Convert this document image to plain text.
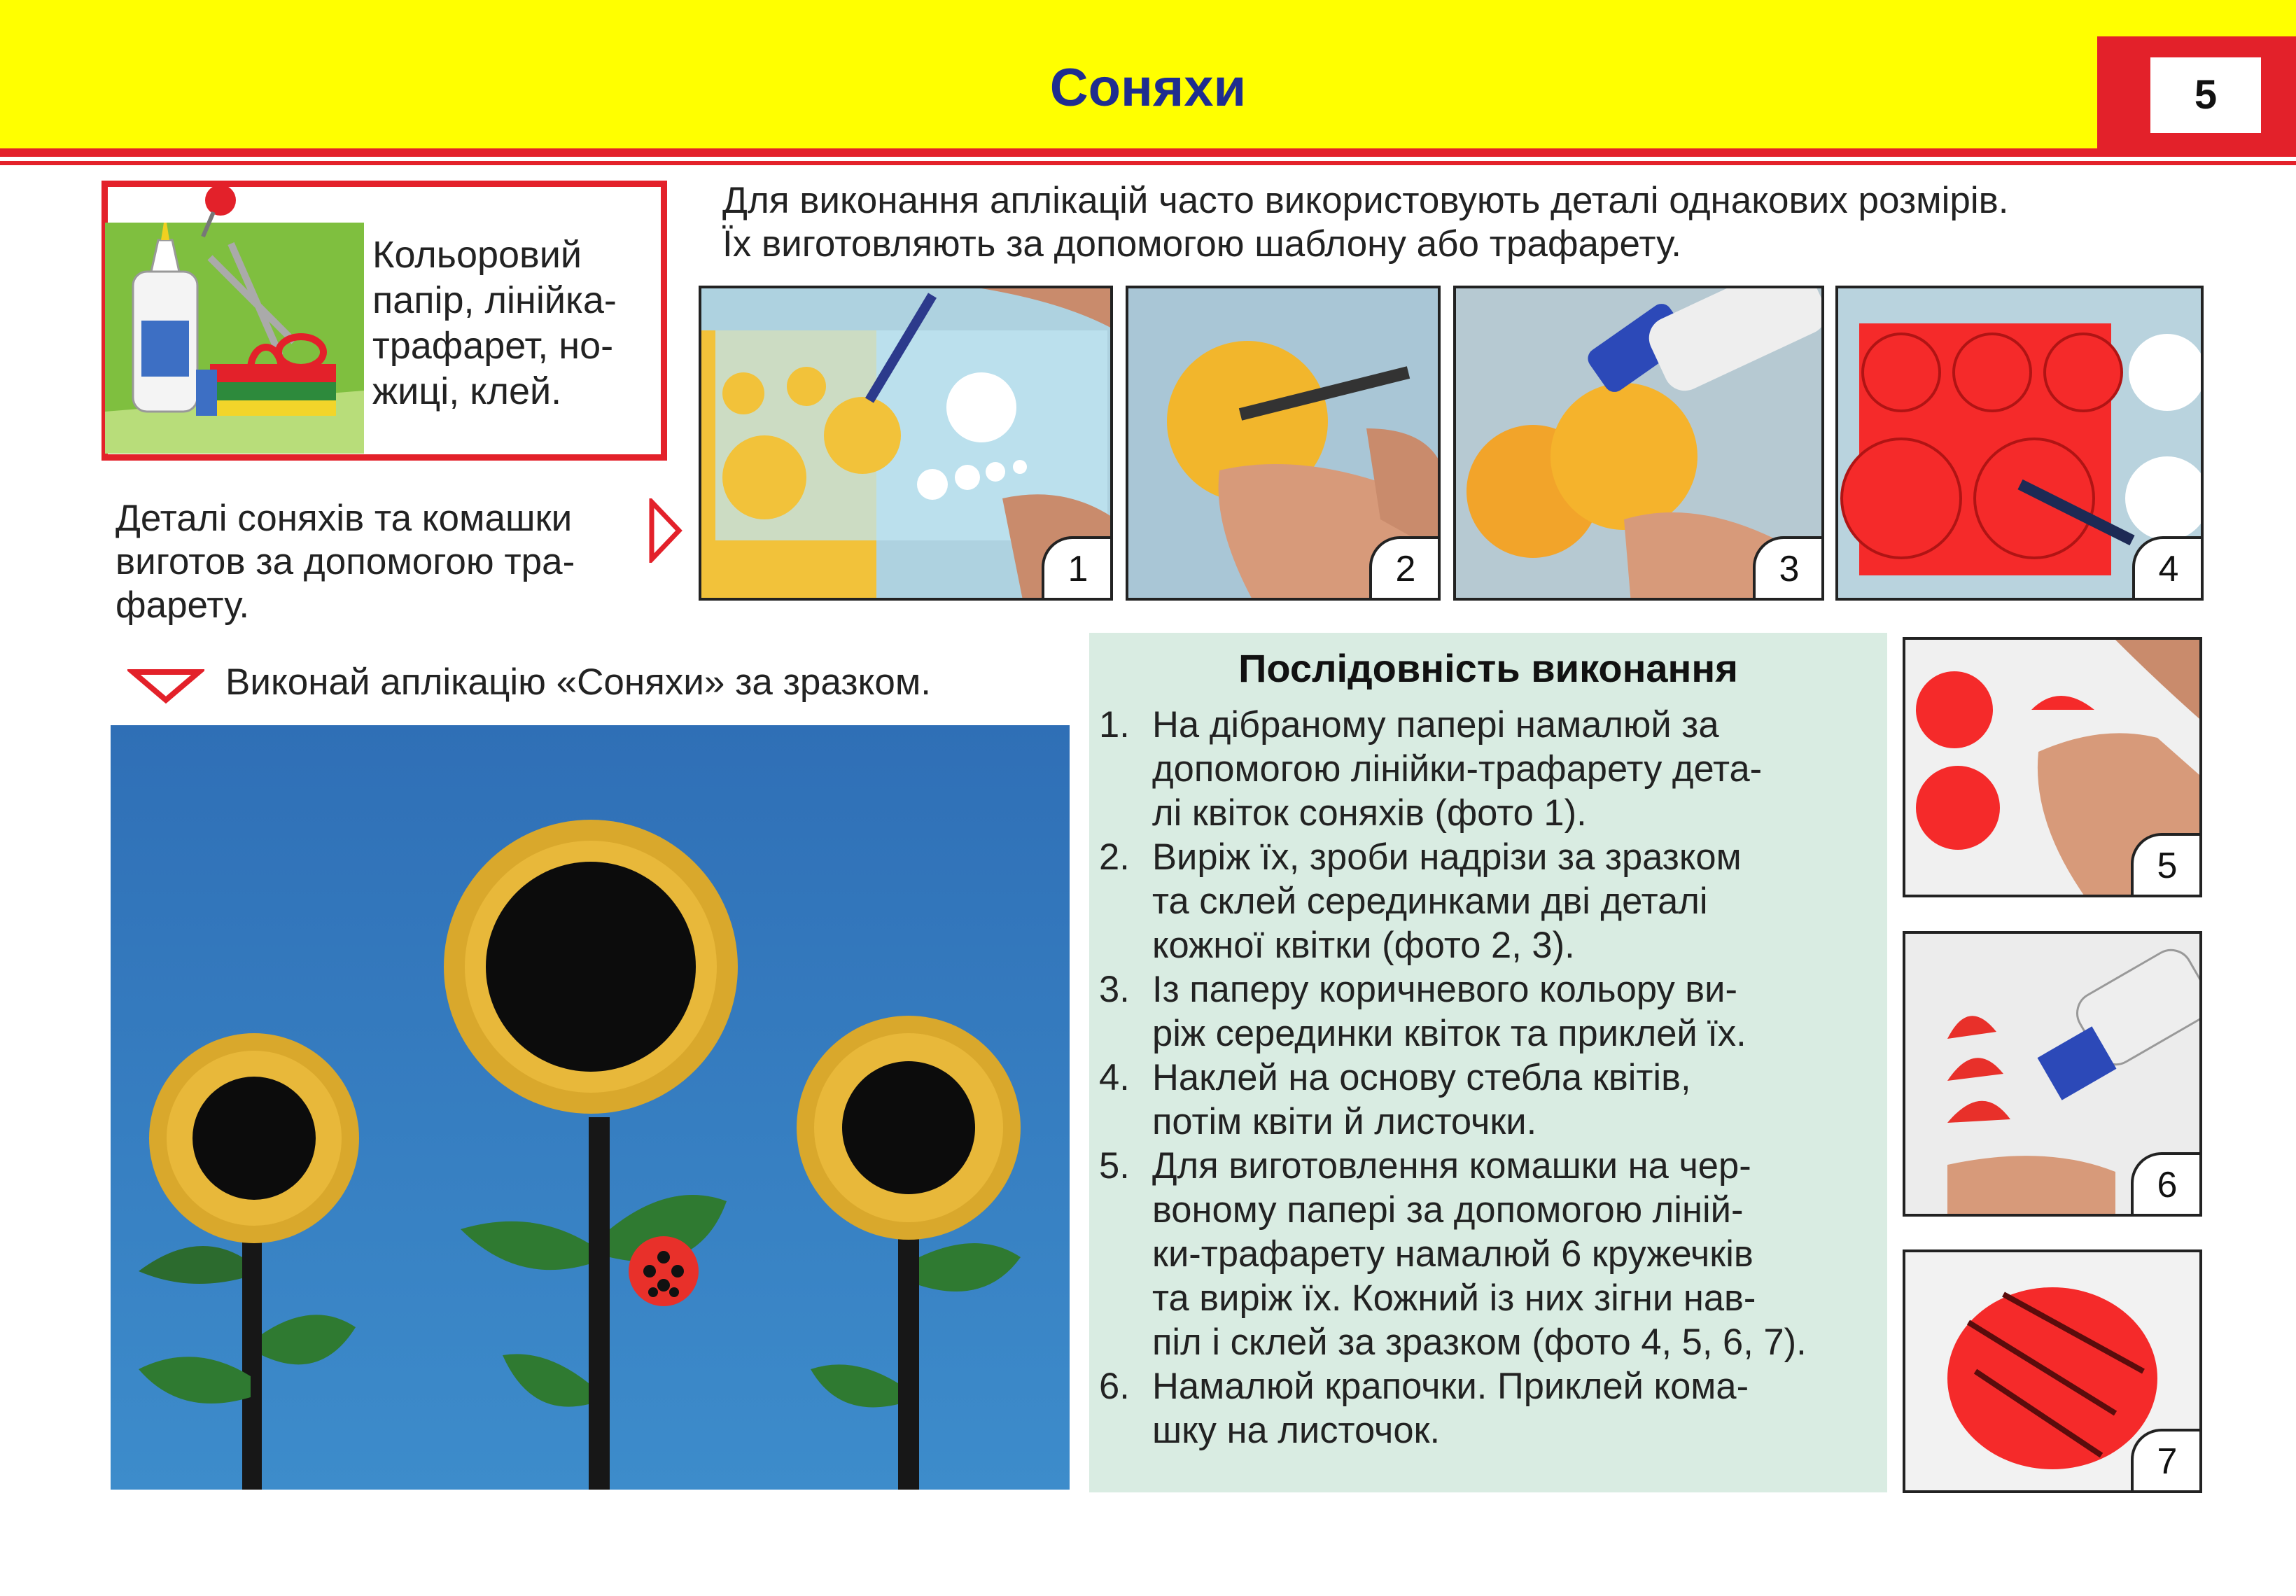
Соняхи	5
Кольоровий
папір, лінійка-
трафарет, но-
жиці, клей.
Деталі соняхів та комашки
виготов за допомогою тра-
фарету.
Для виконання аплікацій часто використовують деталі однакових розмірів.
Їх виготовляють за допомогою шаблону або трафарету.
1	2	3	4
Виконай аплікацію «Соняхи» за зразком.	Послідовність виконання
1. На дібраному папері намалюй за
допомогою лінійки-трафарету дета-
лі квіток соняхів (фото 1).
2. Виріж їх, зроби надрізи за зразком
та склей серединками дві деталі
кожної квітки (фото 2, 3).
3. Із паперу коричневого кольору ви-
ріж серединки квіток та приклей їх.
4. Наклей на основу стебла квітів,
потім квіти й листочки.
5. Для виготовлення комашки на чер-
воному папері за допомогою ліній-
ки-трафарету намалюй 6 кружечків
та виріж їх. Кожний із них зігни нав-
піл і склей за зразком (фото 4, 5, 6, 7).
6. Намалюй крапочки. Приклей кома-
шку на листочок.
5
6
7
